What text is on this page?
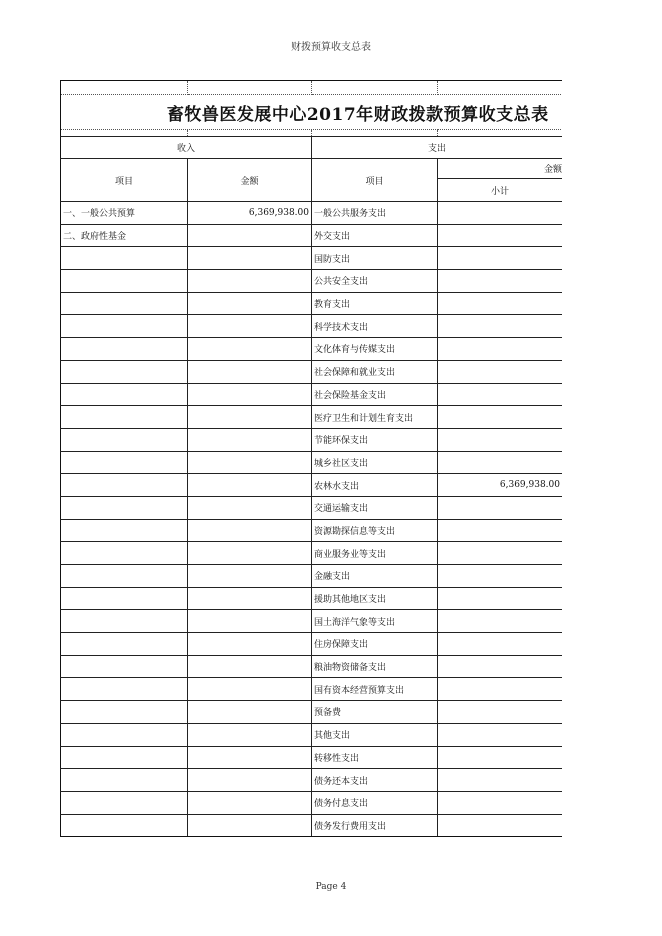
财拨预算收支总表

畜牧兽医发展中心2017年财政拨款预算收支总表			

收入		支出	
项目	金额	项目	金额
			小计
一、一般公共预算	6,369,938.00	一般公共服务支出	
二、政府性基金		外交支出	
		国防支出	
		公共安全支出	
		教育支出	
		科学技术支出	
		文化体育与传媒支出	
		社会保障和就业支出	
		社会保险基金支出	
		医疗卫生和计划生育支出	
		节能环保支出	
		城乡社区支出	
		农林水支出	6,369,938.00
		交通运输支出	
		资源勘探信息等支出	
		商业服务业等支出	
		金融支出	
		援助其他地区支出	
		国土海洋气象等支出	
		住房保障支出	
		粮油物资储备支出	
		国有资本经营预算支出	
		预备费	
		其他支出	
		转移性支出	
		债务还本支出	
		债务付息支出	
		债务发行费用支出	
Page 4
